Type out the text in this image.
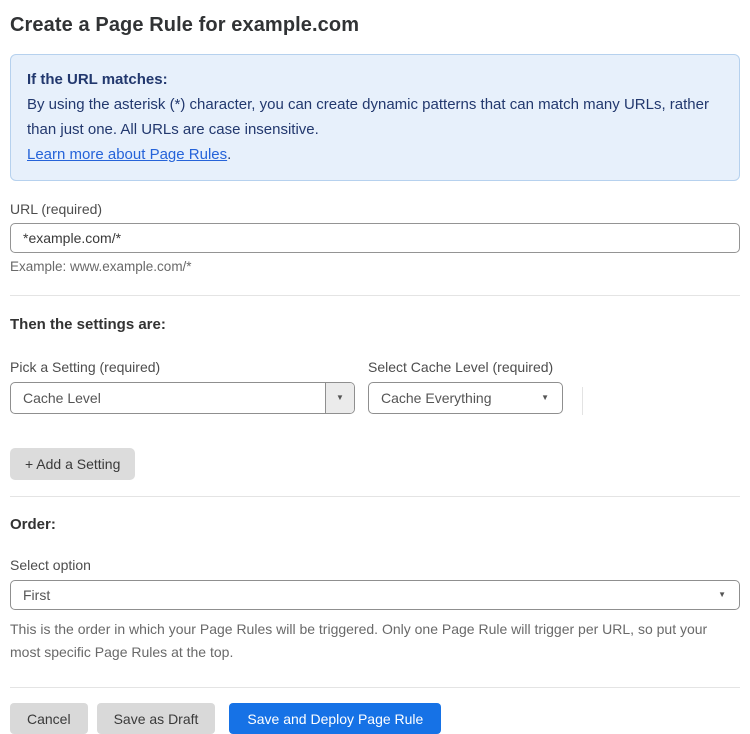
Create a Page Rule for example.com
If the URL matches:
By using the asterisk (*) character, you can create dynamic patterns that can match many URLs, rather than just one. All URLs are case insensitive.
Learn more about Page Rules.
URL (required)
*example.com/*
Example: www.example.com/*
Then the settings are:
Pick a Setting (required)
Cache Level	▼
Select Cache Level (required)
Cache Everything	▼
+ Add a Setting
Order:
Select option
First	▼
This is the order in which your Page Rules will be triggered. Only one Page Rule will trigger per URL, so put your most specific Page Rules at the top.
Cancel	Save as Draft	Save and Deploy Page Rule
